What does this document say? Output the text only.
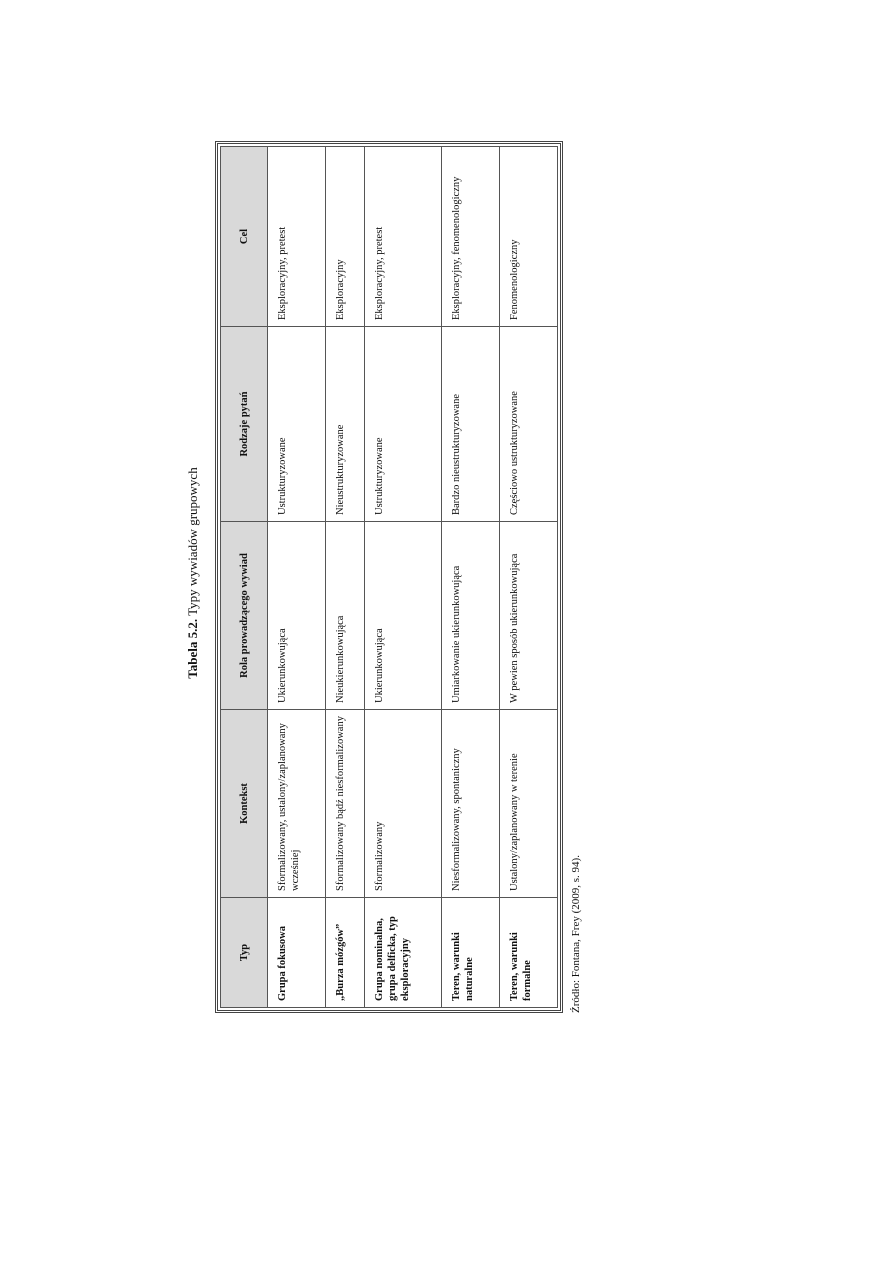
Tabela 5.2. Typy wywiadów grupowych
Typ	Kontekst	Rola prowadzącego wywiad	Rodzaje pytań	Cel
Grupa fokusowa	Sformalizowany, ustalony/zaplanowany wcześniej	Ukierunkowująca	Ustrukturyzowane	Eksploracyjny, pretest
„Burza mózgów”	Sformalizowany bądź niesformalizowany	Nieukierunkowująca	Nieustrukturyzowane	Eksploracyjny
Grupa nominalna, grupa delficka, typ eksploracyjny	Sformalizowany	Ukierunkowująca	Ustrukturyzowane	Eksploracyjny, pretest
Teren, warunki naturalne	Niesformalizowany, spontaniczny	Umiarkowanie ukierunkowująca	Bardzo nieustrukturyzowane	Eksploracyjny, fenomenologiczny
Teren, warunki formalne	Ustalony/zaplanowany w terenie	W pewien sposób ukierunkowująca	Częściowo ustrukturyzowane	Fenomenologiczny
Źródło: Fontana, Frey (2009, s. 94).
